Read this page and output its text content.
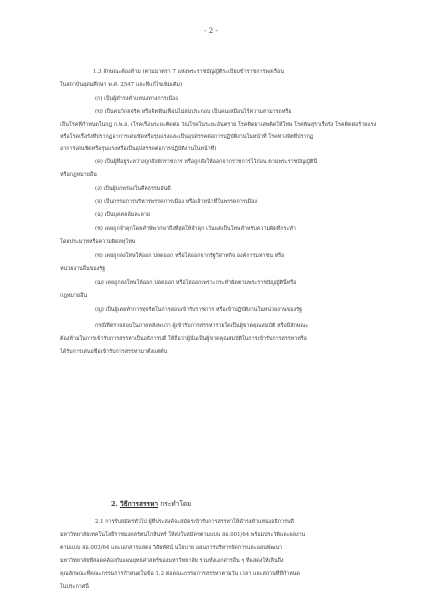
- 2 -
1.3 ลักษณะต้องห้าม (ตามมาตรา 7 แห่งพระราชบัญญัติระเบียบข้าราชการพลเรือน
ในสถาบันอุดมศึกษา พ.ศ. 2547 และที่แก้ไขเพิ่มเติม)
(ก) เป็นผู้ดำรงตำแหน่งทางการเมือง
(ข) เป็นคนวิกลจริต หรือจิตฟั่นเฟือนไม่สมประกอบ เป็นคนเสมือนไร้ความสามารถหรือ
เป็นโรคที่กำหนดในกฎ ก.พ.อ. (โรคเรื้อนระยะติดต่อ วัณโรคในระยะอันตราย โรคติดยาเสพติดให้โทษ โรคพิษสุราเรื้อรัง โรคติดต่อร้ายแรง
หรือโรคเรื้อรังที่ปรากฏอาการเด่นชัดหรือรุนแรงและเป็นอุปสรรคต่อการปฏิบัติงานในหน้าที่ โรคทางจิตที่ปรากฏ
อาการเด่นชัดหรือรุนแรงหรือเป็นอุปสรรคต่อการปฏิบัติงานในหน้าที่)
(ค) เป็นผู้ที่อยู่ระหว่างถูกสั่งพักราชการ หรือถูกสั่งให้ออกจากราชการไว้ก่อน ตามพระราชบัญญัตินี้
หรือกฎหมายอื่น
(ง) เป็นผู้บกพร่องในศีลธรรมอันดี
(จ) เป็นกรรมการบริหารพรรคการเมือง หรือเจ้าหน้าที่ในพรรคการเมือง
(ฉ) เป็นบุคคลล้มละลาย
(ช) เคยถูกจำคุกโดยคำพิพากษาถึงที่สุดให้จำคุก เว้นแต่เป็นโทษสำหรับความผิดที่กระทำ
โดยประมาทหรือความผิดลหุโทษ
(ซ) เคยถูกลงโทษให้ออก ปลดออก หรือไล่ออกจากรัฐวิสาหกิจ องค์การมหาชน หรือ
หน่วยงานอื่นของรัฐ
(ฌ) เคยถูกลงโทษให้ออก ปลดออก หรือไล่ออกเพราะกระทำผิดตามพระราชบัญญัตินี้หรือ
กฎหมายอื่น
(ญ) เป็นผู้เคยทำการทุจริตในการสอบเข้ารับราชการ หรือเข้าปฏิบัติงานในหน่วยงานของรัฐ
กรณีที่ตรวจสอบในภายหลังพบว่า ผู้เข้ารับการสรรหารายใดเป็นผู้ขาดคุณสมบัติ หรือมีลักษณะ
ต้องห้ามในการเข้ารับการสรรหาเป็นอธิการบดี ให้ถือว่าผู้นั้นเป็นผู้ขาดคุณสมบัติในการเข้ารับการสรรหาหรือ
ได้รับการเสนอชื่อเข้ารับการสรรหามาตั้งแต่ต้น
2. วิธีการสรรหา กระทำโดย
2.1 การรับสมัครทั่วไป ผู้ที่ประสงค์จะสมัครเข้ารับการสรรหาให้ดำรงตำแหน่งอธิการบดี
มหาวิทยาลัยเทคโนโลยีราชมงคลรัตนโกสินทร์ ให้ส่งใบสมัครตามแบบ สอ.001/64 พร้อมประวัติและผลงาน
ตามแบบ สอ.003/64 และเอกสารแสดง วิสัยทัศน์ นโยบาย แผนการบริหารจัดการและแผนพัฒนา
มหาวิทยาลัยที่สอดคล้องกับแผนยุทธศาสตร์ของมหาวิทยาลัย รวมทั้งเอกสารอื่น ๆ ที่แสดงให้เห็นถึง
คุณลักษณะที่คณะกรรมการกำหนดในข้อ 1.2 ต่อคณะกรรมการสรรหาตามวัน เวลา และสถานที่ที่กำหนด
ในประกาศนี้
